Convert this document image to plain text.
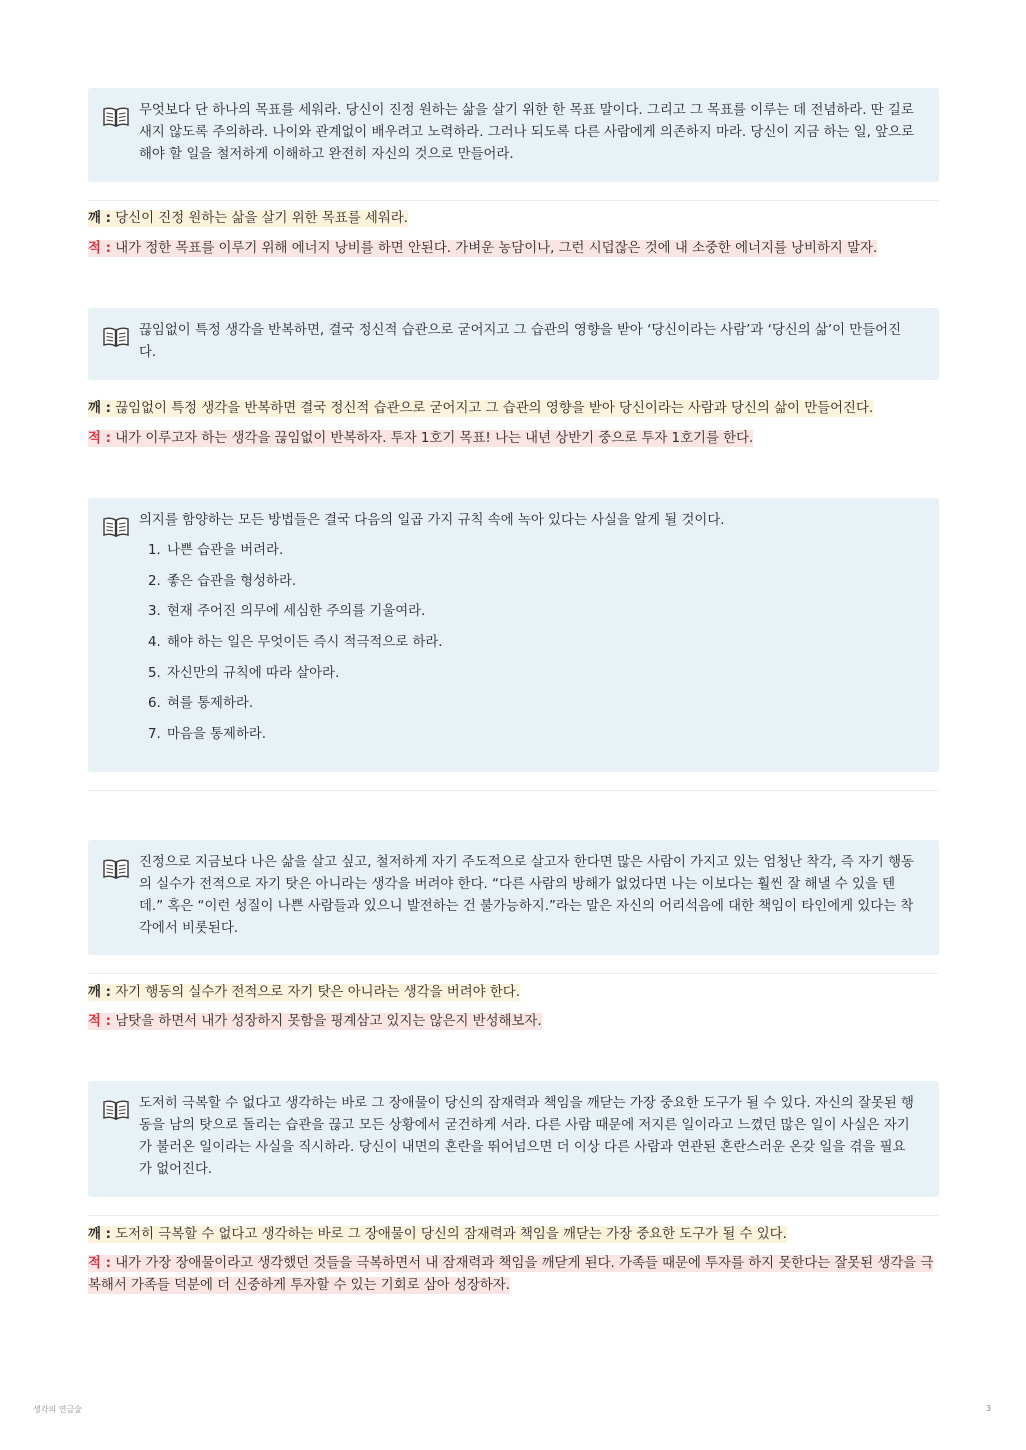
무엇보다 단 하나의 목표를 세워라. 당신이 진정 원하는 삶을 살기 위한 한 목표 말이다. 그리고 그 목표를 이루는 데 전념하라. 딴 길로 새지 않도록 주의하라. 나이와 관계없이 배우려고 노력하라. 그러나 되도록 다른 사람에게 의존하지 마라. 당신이 지금 하는 일, 앞으로 해야 할 일을 철저하게 이해하고 완전히 자신의 것으로 만들어라.

깨 : 당신이 진정 원하는 삶을 살기 위한 목표를 세워라.
적 : 내가 정한 목표를 이루기 위해 에너지 낭비를 하면 안된다. 가벼운 농담이나, 그런 시덥잖은 것에 내 소중한 에너지를 낭비하지 말자.

끊임없이 특정 생각을 반복하면, 결국 정신적 습관으로 굳어지고 그 습관의 영향을 받아 ‘당신이라는 사람’과 ‘당신의 삶’이 만들어진다.

깨 : 끊임없이 특정 생각을 반복하면 결국 정신적 습관으로 굳어지고 그 습관의 영향을 받아 당신이라는 사람과 당신의 삶이 만들어진다.
적 : 내가 이루고자 하는 생각을 끊임없이 반복하자. 투자 1호기 목표! 나는 내년 상반기 중으로 투자 1호기를 한다.

의지를 함양하는 모든 방법들은 결국 다음의 일곱 가지 규칙 속에 녹아 있다는 사실을 알게 될 것이다.

1. 나쁜 습관을 버려라.
2. 좋은 습관을 형성하라.
3. 현재 주어진 의무에 세심한 주의를 기울여라.
4. 해야 하는 일은 무엇이든 즉시 적극적으로 하라.
5. 자신만의 규칙에 따라 살아라.
6. 혀를 통제하라.
7. 마음을 통제하라.

진정으로 지금보다 나은 삶을 살고 싶고, 철저하게 자기 주도적으로 살고자 한다면 많은 사람이 가지고 있는 엄청난 착각, 즉 자기 행동의 실수가 전적으로 자기 탓은 아니라는 생각을 버려야 한다. “다른 사람의 방해가 없었다면 나는 이보다는 훨씬 잘 해낼 수 있을 텐데.” 혹은 “이런 성질이 나쁜 사람들과 있으니 발전하는 건 불가능하지.”라는 말은 자신의 어리석음에 대한 책임이 타인에게 있다는 착각에서 비롯된다.

깨 : 자기 행동의 실수가 전적으로 자기 탓은 아니라는 생각을 버려야 한다.
적 : 남탓을 하면서 내가 성장하지 못함을 핑계삼고 있지는 않은지 반성해보자.

도저히 극복할 수 없다고 생각하는 바로 그 장애물이 당신의 잠재력과 책임을 깨닫는 가장 중요한 도구가 될 수 있다. 자신의 잘못된 행동을 남의 탓으로 돌리는 습관을 끊고 모든 상황에서 굳건하게 서라. 다른 사람 때문에 저지른 일이라고 느꼈던 많은 일이 사실은 자기가 불러온 일이라는 사실을 직시하라. 당신이 내면의 혼란을 뛰어넘으면 더 이상 다른 사람과 연관된 혼란스러운 온갖 일을 겪을 필요가 없어진다.

깨 : 도저히 극복할 수 없다고 생각하는 바로 그 장애물이 당신의 잠재력과 책임을 깨닫는 가장 중요한 도구가 될 수 있다.
적 : 내가 가장 장애물이라고 생각했던 것들을 극복하면서 내 잠재력과 책임을 깨닫게 된다. 가족들 때문에 투자를 하지 못한다는 잘못된 생각을 극복해서 가족들 덕분에 더 신중하게 투자할 수 있는 기회로 삼아 성장하자.
생각의 연금술	3
